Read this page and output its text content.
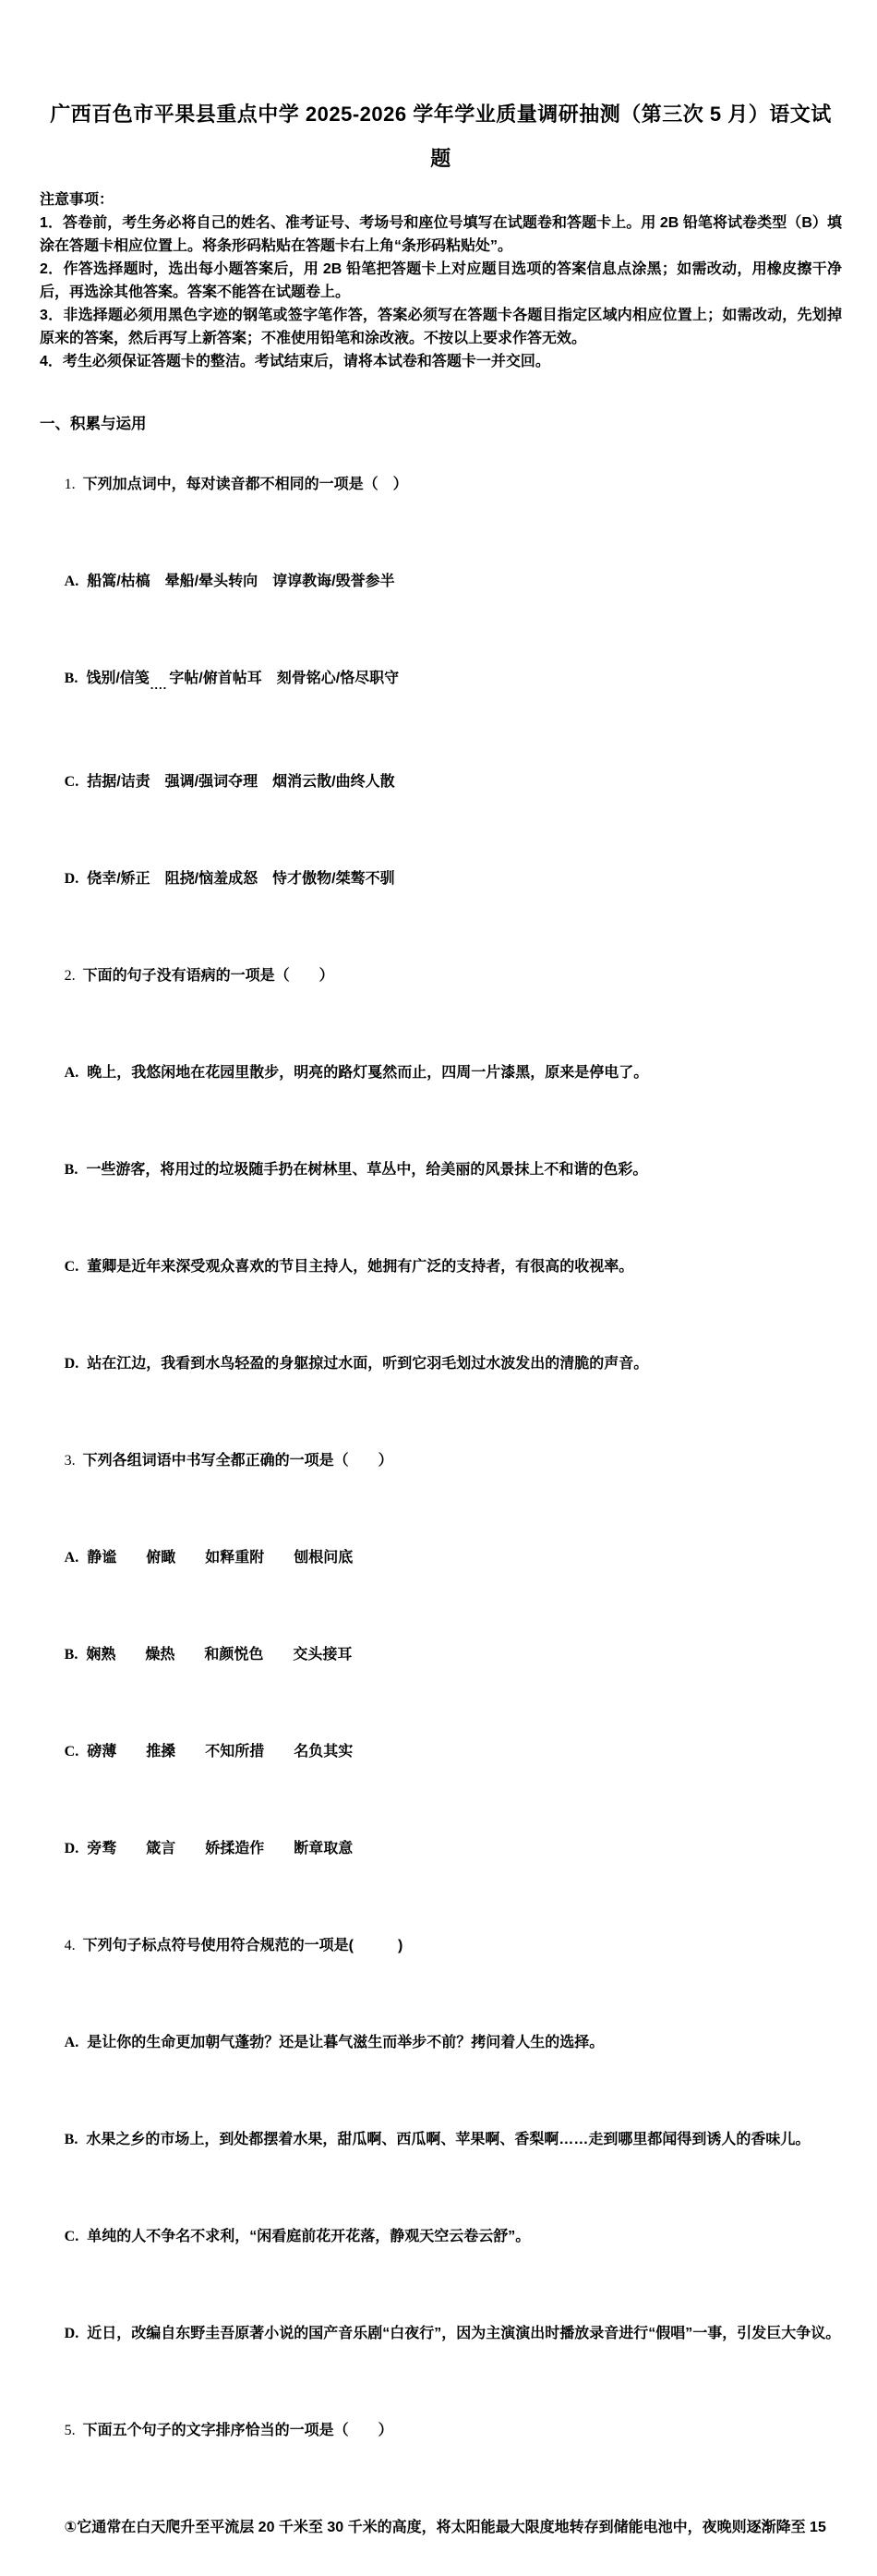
广西百色市平果县重点中学 2025-2026 学年学业质量调研抽测（第三次 5 月）语文试
题

注意事项：

1．答卷前，考生务必将自己的姓名、准考证号、考场号和座位号填写在试题卷和答题卡上。用 2B 铅笔将试卷类型（B）填涂在答题卡相应位置上。将条形码粘贴在答题卡右上角“条形码粘贴处”。

2．作答选择题时，选出每小题答案后，用 2B 铅笔把答题卡上对应题目选项的答案信息点涂黑；如需改动，用橡皮擦干净后，再选涂其他答案。答案不能答在试题卷上。

3．非选择题必须用黑色字迹的钢笔或签字笔作答，答案必须写在答题卡各题目指定区域内相应位置上；如需改动，先划掉原来的答案，然后再写上新答案；不准使用铅笔和涂改液。不按以上要求作答无效。

4．考生必须保证答题卡的整洁。考试结束后，请将本试卷和答题卡一并交回。

一、积累与运用

1. 下列加点词中，每对读音都不相同的一项是（　）

A. 船篙/枯槁　晕船/晕头转向　谆谆教诲/毁誉参半

B. 饯别/信笺$_{....}$ 字帖/俯首帖耳　刻骨铭心/恪尽职守

C. 拮据/诘责　强调/强词夺理　烟消云散/曲终人散

D. 侥幸/矫正　阻挠/恼羞成怒　恃才傲物/桀骜不驯

2. 下面的句子没有语病的一项是（　　）

A. 晚上，我悠闲地在花园里散步，明亮的路灯戛然而止，四周一片漆黑，原来是停电了。

B. 一些游客，将用过的垃圾随手扔在树林里、草丛中，给美丽的风景抹上不和谐的色彩。

C. 董卿是近年来深受观众喜欢的节目主持人，她拥有广泛的支持者，有很高的收视率。

D. 站在江边，我看到水鸟轻盈的身躯掠过水面，听到它羽毛划过水波发出的清脆的声音。

3. 下列各组词语中书写全都正确的一项是（　　）

A. 静谧　　俯瞰　　如释重附　　刨根问底

B. 娴熟　　燥热　　和颜悦色　　交头接耳

C. 磅薄　　推搡　　不知所措　　名负其实

D. 旁骛　　箴言　　娇揉造作　　断章取意

4. 下列句子标点符号使用符合规范的一项是(　　　)

A. 是让你的生命更加朝气蓬勃？还是让暮气滋生而举步不前？拷问着人生的选择。

B. 水果之乡的市场上，到处都摆着水果，甜瓜啊、西瓜啊、苹果啊、香梨啊……走到哪里都闻得到诱人的香味儿。

C. 单纯的人不争名不求利，“闲看庭前花开花落，静观天空云卷云舒”。

D. 近日，改编自东野圭吾原著小说的国产音乐剧“白夜行”，因为主演演出时播放录音进行“假唱”一事，引发巨大争议。

5. 下面五个句子的文字排序恰当的一项是（　　）

①它通常在白天爬升至平流层 20 千米至 30 千米的高度，将太阳能最大限度地转存到储能电池中，夜晚则逐渐降至 15
